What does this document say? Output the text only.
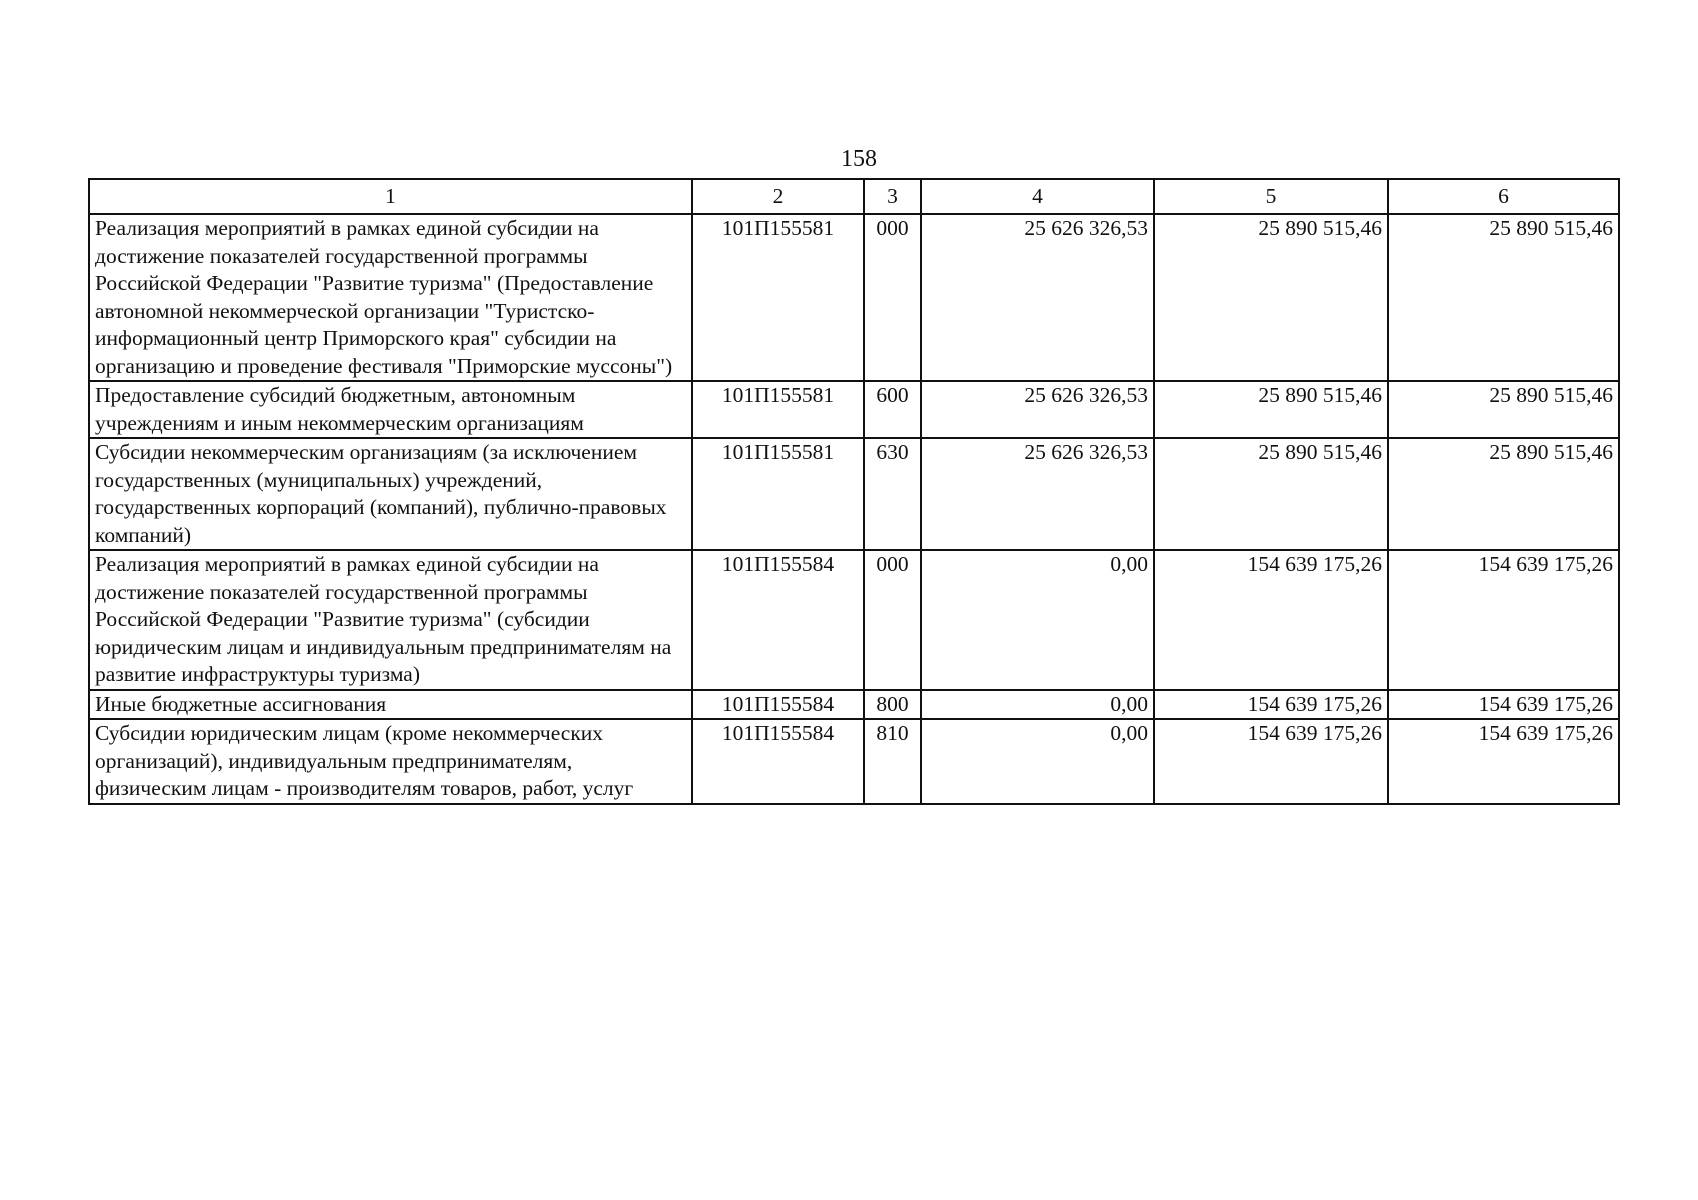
158
1	2	3	4	5	6
Реализация мероприятий в рамках единой субсидии на достижение показателей государственной программы Российской Федерации "Развитие туризма" (Предоставление автономной некоммерческой организации "Туристско-информационный центр Приморского края" субсидии на организацию и проведение фестиваля "Приморские муссоны")	101П155581	000	25 626 326,53	25 890 515,46	25 890 515,46
Предоставление субсидий бюджетным, автономным учреждениям и иным некоммерческим организациям	101П155581	600	25 626 326,53	25 890 515,46	25 890 515,46
Субсидии некоммерческим организациям (за исключением государственных (муниципальных) учреждений, государственных корпораций (компаний), публично-правовых компаний)	101П155581	630	25 626 326,53	25 890 515,46	25 890 515,46
Реализация мероприятий в рамках единой субсидии на достижение показателей государственной программы Российской Федерации "Развитие туризма" (субсидии юридическим лицам и индивидуальным предпринимателям на развитие инфраструктуры туризма)	101П155584	000	0,00	154 639 175,26	154 639 175,26
Иные бюджетные ассигнования	101П155584	800	0,00	154 639 175,26	154 639 175,26
Субсидии юридическим лицам (кроме некоммерческих организаций), индивидуальным предпринимателям, физическим лицам - производителям товаров, работ, услуг	101П155584	810	0,00	154 639 175,26	154 639 175,26
